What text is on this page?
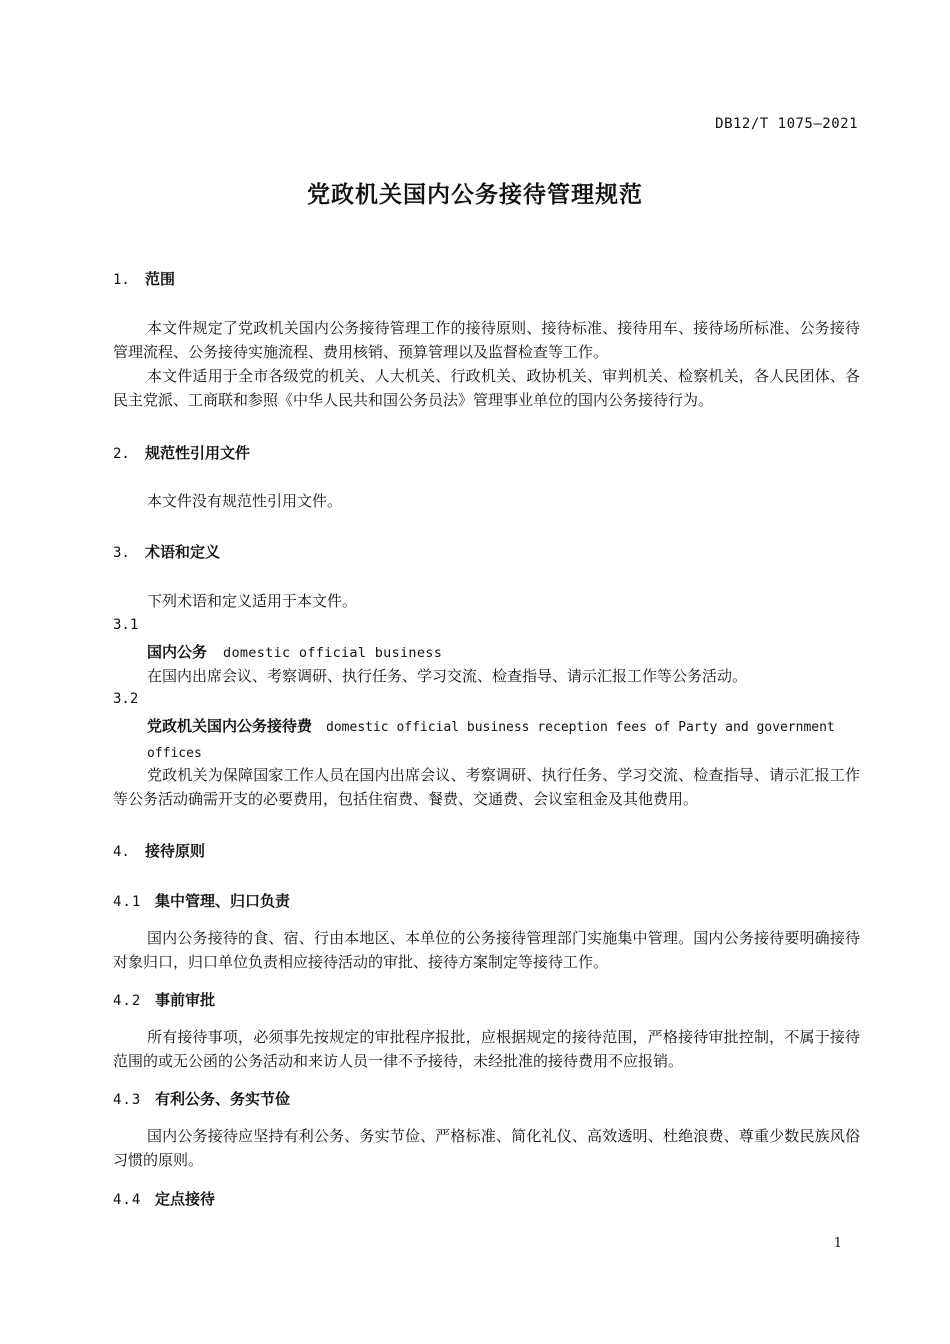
DB12/T 1075—2021
党政机关国内公务接待管理规范
1. 范围
本文件规定了党政机关国内公务接待管理工作的接待原则、接待标准、接待用车、接待场所标准、公务接待管理流程、公务接待实施流程、费用核销、预算管理以及监督检查等工作。
本文件适用于全市各级党的机关、人大机关、行政机关、政协机关、审判机关、检察机关，各人民团体、各民主党派、工商联和参照《中华人民共和国公务员法》管理事业单位的国内公务接待行为。
2. 规范性引用文件
本文件没有规范性引用文件。
3. 术语和定义
下列术语和定义适用于本文件。
3.1
国内公务 domestic official business
在国内出席会议、考察调研、执行任务、学习交流、检查指导、请示汇报工作等公务活动。
3.2
党政机关国内公务接待费 domestic official business reception fees of Party and government offices
党政机关为保障国家工作人员在国内出席会议、考察调研、执行任务、学习交流、检查指导、请示汇报工作等公务活动确需开支的必要费用，包括住宿费、餐费、交通费、会议室租金及其他费用。
4. 接待原则
4.1 集中管理、归口负责
国内公务接待的食、宿、行由本地区、本单位的公务接待管理部门实施集中管理。国内公务接待要明确接待对象归口，归口单位负责相应接待活动的审批、接待方案制定等接待工作。
4.2 事前审批
所有接待事项，必须事先按规定的审批程序报批，应根据规定的接待范围，严格接待审批控制，不属于接待范围的或无公函的公务活动和来访人员一律不予接待，未经批准的接待费用不应报销。
4.3 有利公务、务实节俭
国内公务接待应坚持有利公务、务实节俭、严格标准、简化礼仪、高效透明、杜绝浪费、尊重少数民族风俗习惯的原则。
4.4 定点接待
1
